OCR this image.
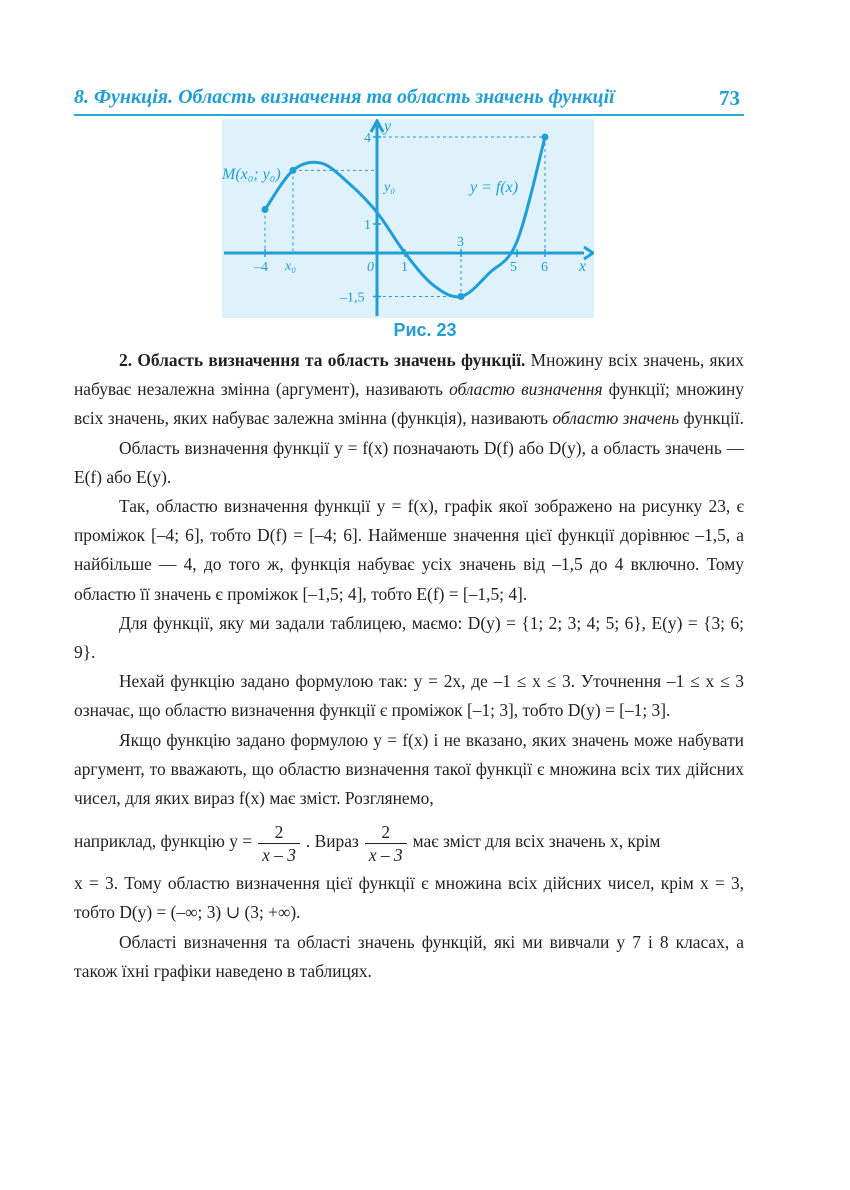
8. Функція. Область визначення та область значень функції	73
x
y
0
–4	1
3
5 6
4
1
–1,5
x₀
y₀
M(x₀; y₀)
y = f(x)
Рис. 23

2. Область визначення та область значень функції. Множину всіх значень, яких набуває незалежна змінна (аргумент), називають областю визначення функції; множину всіх значень, яких набуває залежна змінна (функція), називають областю значень функції.

Область визначення функції y = f(x) позначають D(f) або D(y), а область значень — E(f) або E(y).

Так, областю визначення функції y = f(x), графік якої зображено на рисунку 23, є проміжок [–4; 6], тобто D(f) = [–4; 6]. Найменше значення цієї функції дорівнює –1,5, а найбільше — 4, до того ж, функція набуває усіх значень від –1,5 до 4 включно. Тому областю її значень є проміжок [–1,5; 4], тобто E(f) = [–1,5; 4].

Для функції, яку ми задали таблицею, маємо: D(y) = {1; 2; 3; 4; 5; 6}, E(y) = {3; 6; 9}.

Нехай функцію задано формулою так: y = 2x, де –1 ≤ x ≤ 3. Уточнення –1 ≤ x ≤ 3 означає, що областю визначення функції є проміжок [–1; 3], тобто D(y) = [–1; 3].

Якщо функцію задано формулою y = f(x) і не вказано, яких значень може набувати аргумент, то вважають, що областю визначення такої функції є множина всіх тих дійсних чисел, для яких вираз f(x) має зміст. Розглянемо,

наприклад, функцію $y = \frac{2}{x - 3}$ . Вираз $\frac{2}{x - 3}$ має зміст для всіх значень x, крім

x = 3. Тому областю визначення цієї функції є множина всіх дійсних чисел, крім x = 3, тобто D(y) = (–∞; 3) ∪ (3; +∞).

Області визначення та області значень функцій, які ми вивчали у 7 і 8 класах, а також їхні графіки наведено в таблицях.
